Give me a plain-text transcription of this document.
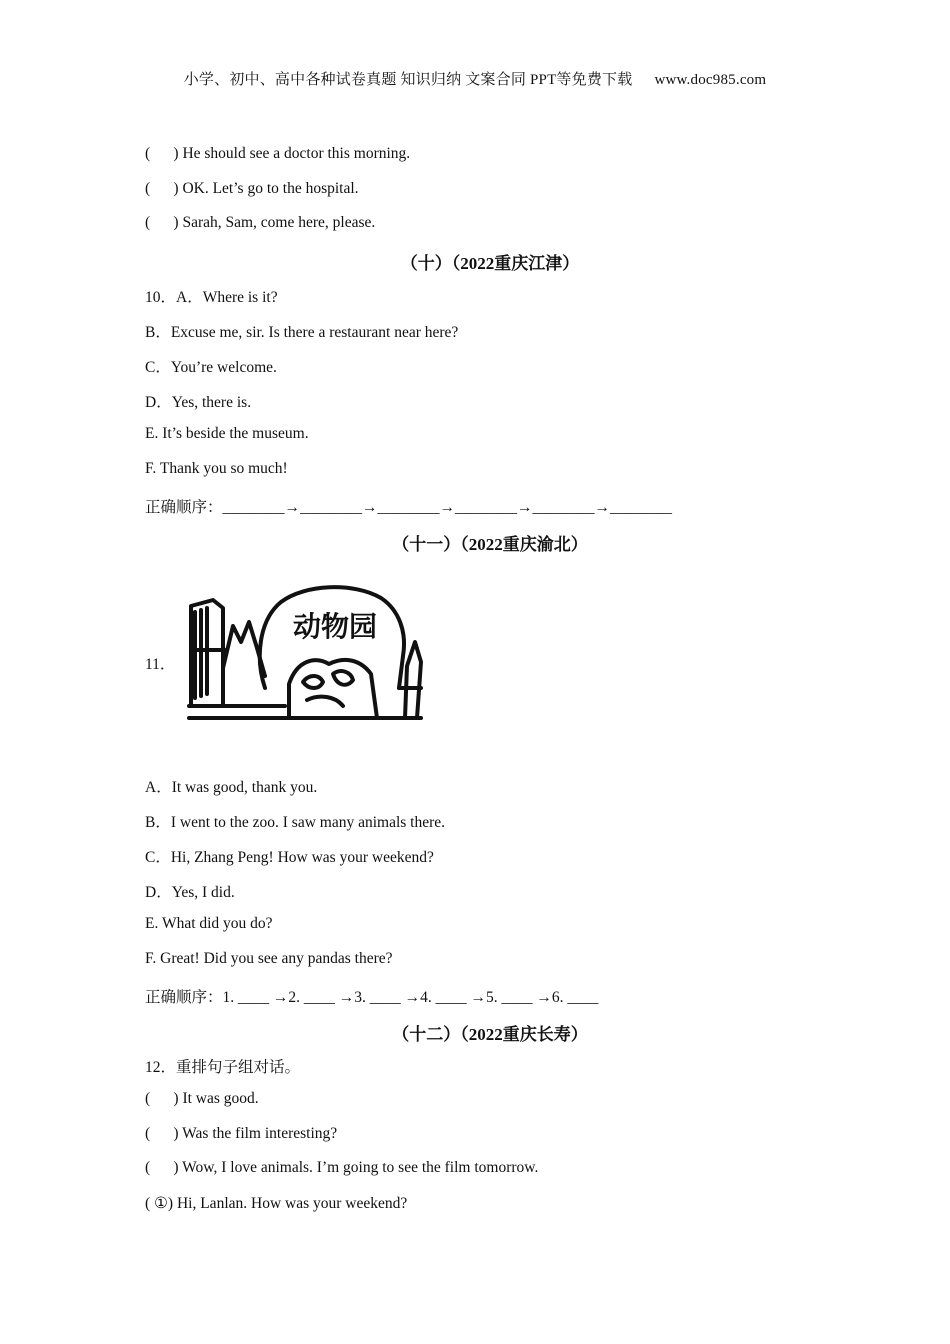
小学、初中、高中各种试卷真题 知识归纳 文案合同 PPT等免费下载 www.doc985.com
(      ) He should see a doctor this morning.
(      ) OK. Let’s go to the hospital.
(      ) Sarah, Sam, come here, please.
（十）（2022重庆江津）
10．A．Where is it?
B．Excuse me, sir. Is there a restaurant near here?
C．You’re welcome.
D．Yes, there is.
E. It’s beside the museum.
F. Thank you so much!
正确顺序：________→________→________→________→________→________
（十一）（2022重庆渝北）
11．
动物园
A．It was good, thank you.
B．I went to the zoo. I saw many animals there.
C．Hi, Zhang Peng! How was your weekend?
D．Yes, I did.
E. What did you do?
F. Great! Did you see any pandas there?
正确顺序：1. ____ →2. ____ →3. ____ →4. ____ →5. ____ →6. ____
（十二）（2022重庆长寿）
12．重排句子组对话。
(      ) It was good.
(      ) Was the film interesting?
(      ) Wow, I love animals. I’m going to see the film tomorrow.
( ①) Hi, Lanlan. How was your weekend?
